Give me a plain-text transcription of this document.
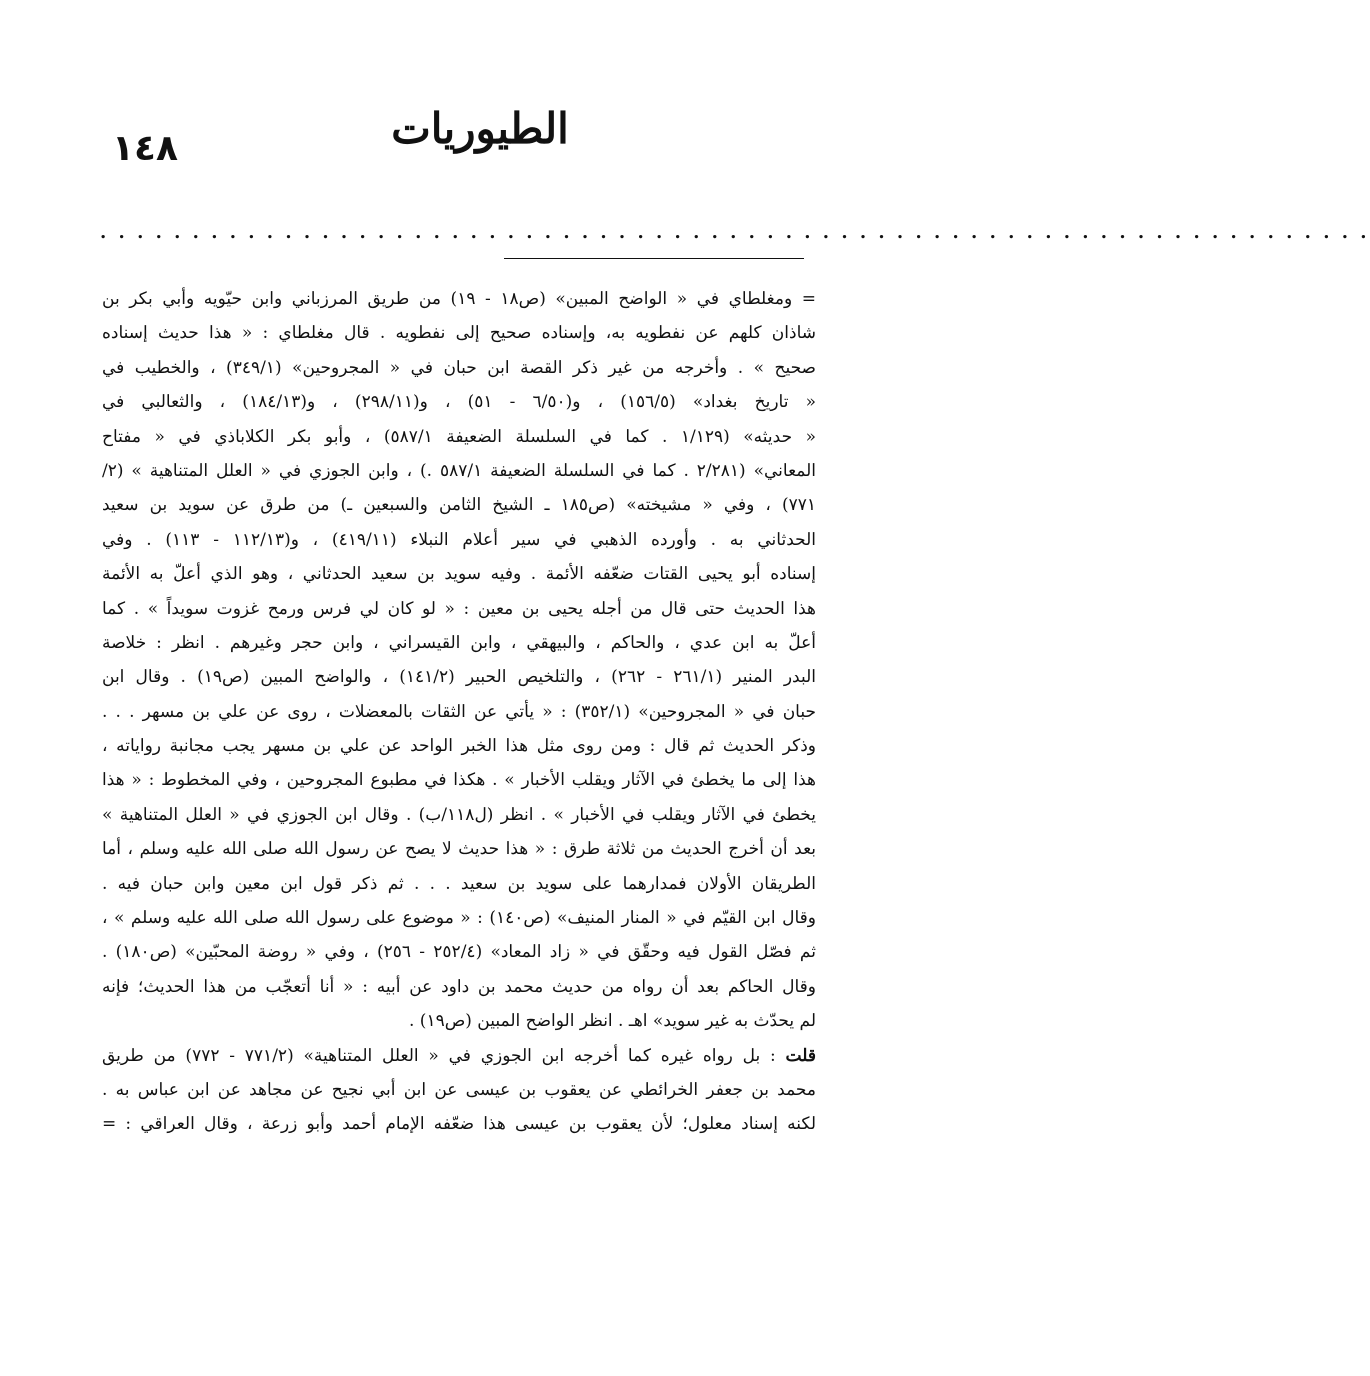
١٤٨	الطيوريات
. . . . . . . . . . . . . . . . . . . . . . . . . . . . . . . . . . . . . . . . . . . . . . . . . . . . . . . . . . . . . . . . . . . . .
= ومغلطاي في « الواضح المبين» (ص١٨ - ١٩) من طريق المرزباني وابن حيّويه وأبي بكر بن
شاذان كلهم عن نفطويه به، وإسناده صحيح إلى نفطويه . قال مغلطاي : « هذا حديث إسناده
صحيح » . وأخرجه من غير ذكر القصة ابن حبان في « المجروحين» (٣٤٩/١) ، والخطيب في
« تاريخ بغداد» (١٥٦/٥) ، و(٦/٥٠ - ٥١) ، و(٢٩٨/١١) ، و(١٨٤/١٣) ، والثعالبي في
« حديثه» (١/١٢٩ . كما في السلسلة الضعيفة ٥٨٧/١) ، وأبو بكر الكلاباذي في « مفتاح
المعاني» (٢/٢٨١ . كما في السلسلة الضعيفة ٥٨٧/١ .) ، وابن الجوزي في « العلل المتناهية » (٢/
٧٧١) ، وفي « مشيخته» (ص١٨٥ ـ الشيخ الثامن والسبعين ـ) من طرق عن سويد بن سعيد
الحدثاني به . وأورده الذهبي في سير أعلام النبلاء (٤١٩/١١) ، و(١١٢/١٣ - ١١٣) . وفي
إسناده أبو يحيى القتات ضعّفه الأئمة . وفيه سويد بن سعيد الحدثاني ، وهو الذي أعلّ به الأئمة
هذا الحديث حتى قال من أجله يحيى بن معين : « لو كان لي فرس ورمح غزوت سويداً » . كما
أعلّ به ابن عدي ، والحاكم ، والبيهقي ، وابن القيسراني ، وابن حجر وغيرهم . انظر : خلاصة
البدر المنير (٢٦١/١ - ٢٦٢) ، والتلخيص الحبير (١٤١/٢) ، والواضح المبين (ص١٩) . وقال ابن
حبان في « المجروحين» (٣٥٢/١) : « يأتي عن الثقات بالمعضلات ، روى عن علي بن مسهر . . .
وذكر الحديث ثم قال : ومن روى مثل هذا الخبر الواحد عن علي بن مسهر يجب مجانبة رواياته ،
هذا إلى ما يخطئ في الآثار ويقلب الأخبار » . هكذا في مطبوع المجروحين ، وفي المخطوط : « هذا
يخطئ في الآثار ويقلب في الأخبار » . انظر (ل١١٨/ب) . وقال ابن الجوزي في « العلل المتناهية »
بعد أن أخرج الحديث من ثلاثة طرق : « هذا حديث لا يصح عن رسول الله صلى الله عليه وسلم ، أما
الطريقان الأولان فمدارهما على سويد بن سعيد . . . ثم ذكر قول ابن معين وابن حبان فيه .
وقال ابن القيّم في « المنار المنيف» (ص١٤٠) : « موضوع على رسول الله صلى الله عليه وسلم » ،
ثم فصّل القول فيه وحقّق في « زاد المعاد» (٢٥٢/٤ - ٢٥٦) ، وفي « روضة المحبّين» (ص١٨٠) .
وقال الحاكم بعد أن رواه من حديث محمد بن داود عن أبيه : « أنا أتعجّب من هذا الحديث؛ فإنه
لم يحدّث به غير سويد» اهـ . انظر الواضح المبين (ص١٩) .
قلت : بل رواه غيره كما أخرجه ابن الجوزي في « العلل المتناهية» (٧٧١/٢ - ٧٧٢) من طريق
محمد بن جعفر الخرائطي عن يعقوب بن عيسى عن ابن أبي نجيح عن مجاهد عن ابن عباس به .
لكنه إسناد معلول؛ لأن يعقوب بن عيسى هذا ضعّفه الإمام أحمد وأبو زرعة ، وقال العراقي : =
